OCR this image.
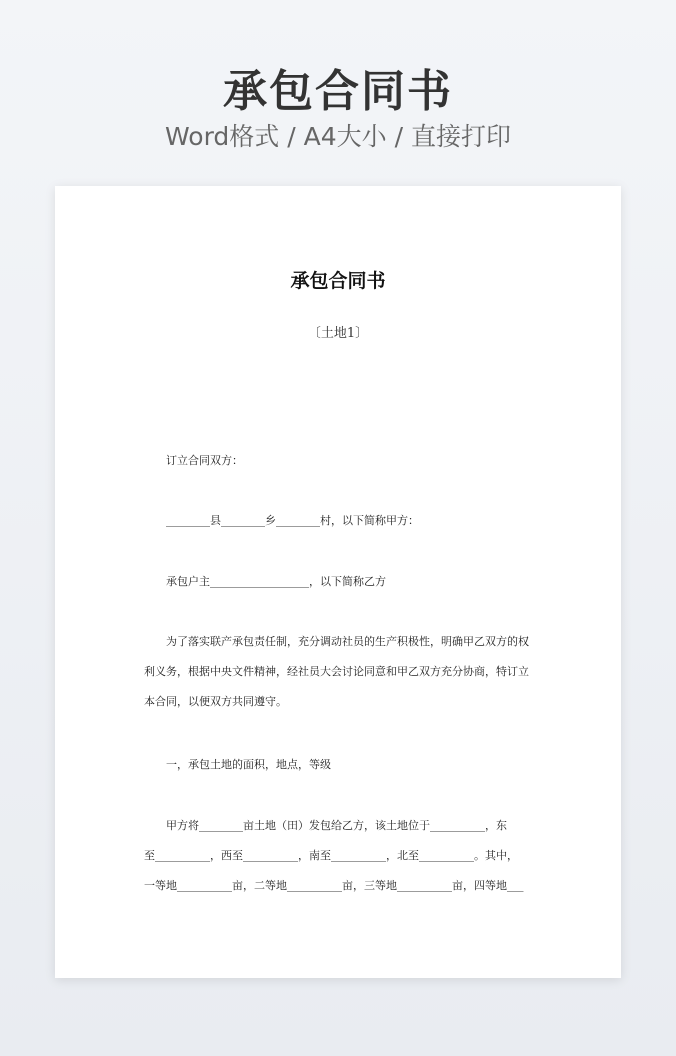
承包合同书
Word格式 / A4大小 / 直接打印
承包合同书
〔土地1〕
订立合同双方：
________县________乡________村，以下简称甲方：
承包户主__________________，以下简称乙方
为了落实联产承包责任制，充分调动社员的生产积极性，明确甲乙双方的权利义务，根据中央文件精神，经社员大会讨论同意和甲乙双方充分协商，特订立本合同，以便双方共同遵守。
一，承包土地的面积，地点，等级
甲方将________亩土地（田）发包给乙方，该土地位于__________，东
至__________，西至__________，南至__________，北至__________。其中，
一等地__________亩，二等地__________亩，三等地__________亩，四等地___
